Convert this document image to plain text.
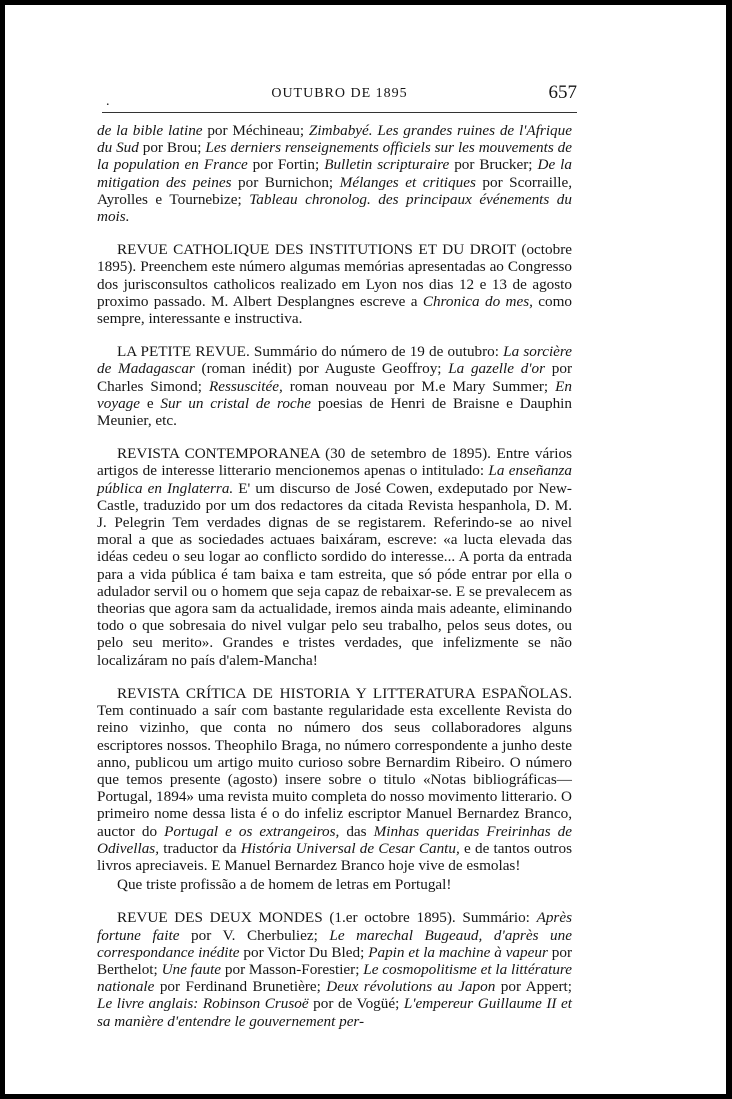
.
OUTUBRO DE 1895	657

de la bible latine por Méchineau; Zimbabyé. Les grandes ruines de l'Afrique du Sud por Brou; Les derniers renseignements officiels sur les mouvements de la population en France por Fortin; Bulletin scripturaire por Brucker; De la mitigation des peines por Burnichon; Mélanges et critiques por Scorraille, Ayrolles e Tournebize; Tableau chronolog. des principaux événements du mois.

REVUE CATHOLIQUE DES INSTITUTIONS ET DU DROIT (octobre 1895). Preenchem este número algumas memórias apresentadas ao Congresso dos jurisconsultos catholicos realizado em Lyon nos dias 12 e 13 de agosto proximo passado. M. Albert Desplangnes escreve a Chronica do mes, como sempre, interessante e instructiva.

LA PETITE REVUE. Summário do número de 19 de outubro: La sorcière de Madagascar (roman inédit) por Auguste Geoffroy; La gazelle d'or por Charles Simond; Ressuscitée, roman nouveau por M.e Mary Summer; En voyage e Sur un cristal de roche poesias de Henri de Braisne e Dauphin Meunier, etc.

REVISTA CONTEMPORANEA (30 de setembro de 1895). Entre vários artigos de interesse litterario mencionemos apenas o intitulado: La enseñanza pública en Inglaterra. E' um discurso de José Cowen, exdeputado por New-Castle, traduzido por um dos redactores da citada Revista hespanhola, D. M. J. Pelegrin Tem verdades dignas de se registarem. Referindo-se ao nivel moral a que as sociedades actuaes baixáram, escreve: «a lucta elevada das idéas cedeu o seu logar ao conflicto sordido do interesse... A porta da entrada para a vida pública é tam baixa e tam estreita, que só póde entrar por ella o adulador servil ou o homem que seja capaz de rebaixar-se. E se prevalecem as theorias que agora sam da actualidade, iremos ainda mais adeante, eliminando todo o que sobresaia do nivel vulgar pelo seu trabalho, pelos seus dotes, ou pelo seu merito». Grandes e tristes verdades, que infelizmente se não localizáram no país d'alem-Mancha!

REVISTA CRÍTICA DE HISTORIA Y LITTERATURA ESPAÑOLAS. Tem continuado a saír com bastante regularidade esta excellente Revista do reino vizinho, que conta no número dos seus collaboradores alguns escriptores nossos. Theophilo Braga, no número correspondente a junho deste anno, publicou um artigo muito curioso sobre Bernardim Ribeiro. O número que temos presente (agosto) insere sobre o titulo «Notas bibliográficas—Portugal, 1894» uma revista muito completa do nosso movimento litterario. O primeiro nome dessa lista é o do infeliz escriptor Manuel Bernardez Branco, auctor do Portugal e os extrangeiros, das Minhas queridas Freirinhas de Odivellas, traductor da História Universal de Cesar Cantu, e de tantos outros livros apreciaveis. E Manuel Bernardez Branco hoje vive de esmolas!

Que triste profissão a de homem de letras em Portugal!

REVUE DES DEUX MONDES (1.er octobre 1895). Summário: Après fortune faite por V. Cherbuliez; Le marechal Bugeaud, d'après une correspondance inédite por Victor Du Bled; Papin et la machine à vapeur por Berthelot; Une faute por Masson-Forestier; Le cosmopolitisme et la littérature nationale por Ferdinand Brunetière; Deux révolutions au Japon por Appert; Le livre anglais: Robinson Crusoë por de Vogüé; L'empereur Guillaume II et sa manière d'entendre le gouvernement per-
